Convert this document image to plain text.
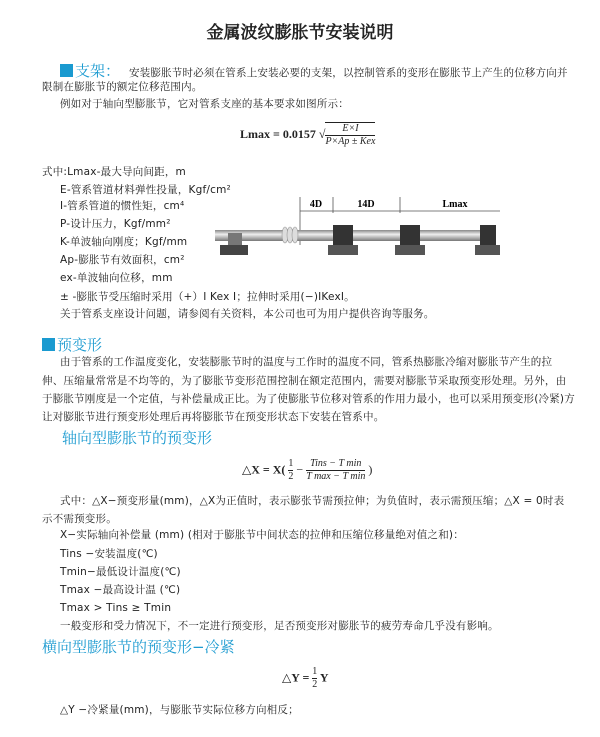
金属波纹膨胀节安装说明
支架： 安装膨胀节时必须在管系上安装必要的支架，以控制管系的变形在膨胀节上产生的位移方向并
限制在膨胀节的额定位移范围内。
例如对于轴向型膨胀节，它对管系支座的基本要求如图所示：
Lmax = 0.0157 √ $\frac{E\times I}{\text{P×Ap ± Kex}}$
式中:Lmax-最大导向间距，m
E-管系管道材料弹性投量，Kgf/cm²
I-管系管道的惯性矩，cm⁴
P-设计压力，Kgf/mm²
K-单波轴向刚度；Kgf/mm
Ap-膨胀节有效面积，cm²
ex-单波轴向位移，mm
± -膨胀节受压缩时采用（+）I Kex I；拉伸时采用(−)IKexI。
关于管系支座设计问题，请参阅有关资料，本公司也可为用户提供咨询等服务。
4D	14D	Lmax
预变形
由于管系的工作温度变化，安装膨胀节时的温度与工作时的温度不同，管系热膨胀冷缩对膨胀节产生的拉
伸、压缩量常常是不均等的，为了膨胀节变形范围控制在额定范围内，需要对膨胀节采取预变形处理。另外，由
于膨胀节刚度是一个定值，与补偿量成正比。为了使膨胀节位移对管系的作用力最小，也可以采用预变形(冷紧)方
让对膨胀节进行预变形处理后再将膨胀节在预变形状态下安装在管系中。
轴向型膨胀节的预变形
△X = $X( \frac{1}{2} - \frac{\text{Tins − T min}}{\text{T max − T min}}$ )
式中：△X−预变形量(mm)，△X为正值时，表示膨张节需预拉伸；为负值时，表示需预压缩；△X = 0时表
示不需预变形。
X−实际轴向补偿量 (mm) (相对于膨胀节中间状态的拉伸和压缩位移量绝对值之和)：
Tins −安装温度(℃)
Tmin−最低设计温度(℃)
Tmax −最高设计温 (℃)
Tmax > Tins ≥ Tmin
一般变形和受力情况下，不一定进行预变形，足否预变形对膨胀节的疲劳寿命几乎没有影响。
横向型膨胀节的预变形−冷紧
△Y = $\frac{1}{2}$ Y
△Y −冷紧量(mm)，与膨胀节实际位移方向相反；
